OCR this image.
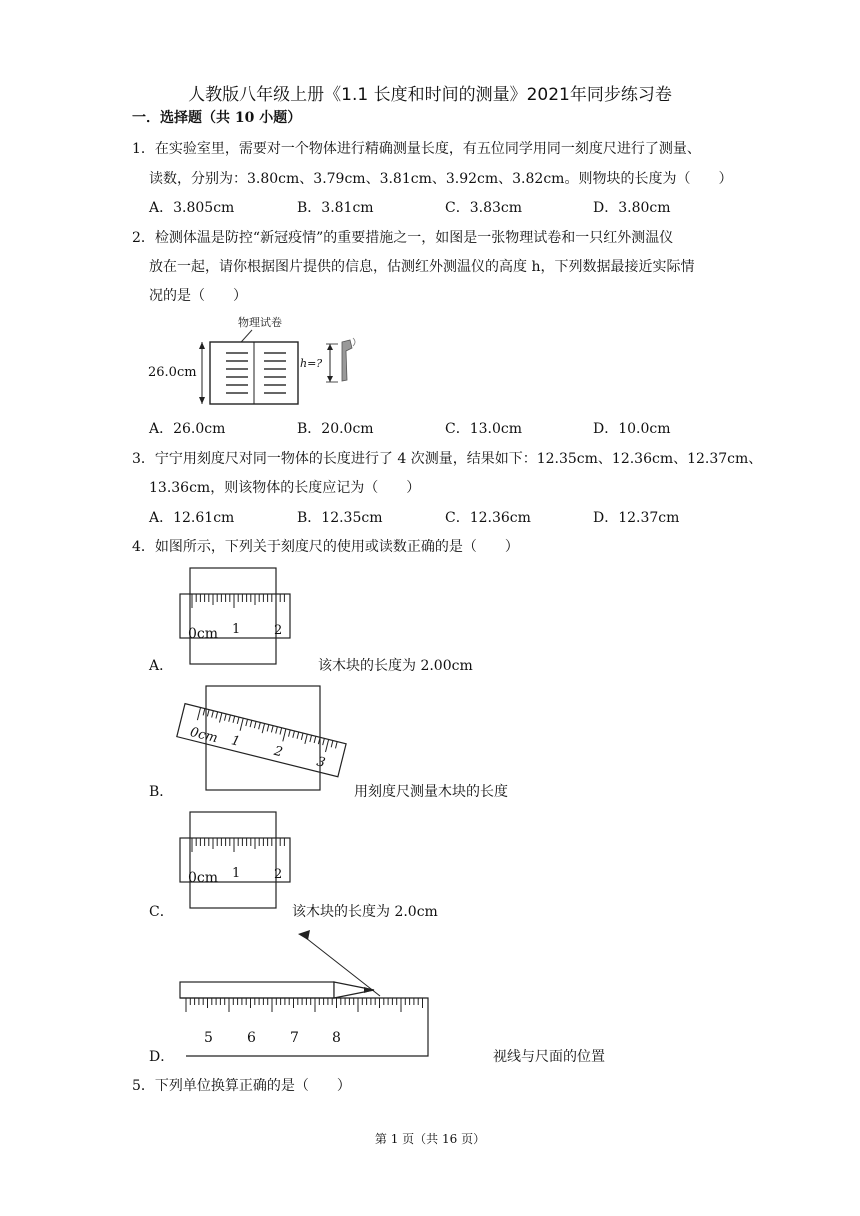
人教版八年级上册《1.1 长度和时间的测量》2021年同步练习卷
一．选择题（共 10 小题）
1．在实验室里，需要对一个物体进行精确测量长度，有五位同学用同一刻度尺进行了测量、
读数，分别为：3.80cm、3.79cm、3.81cm、3.92cm、3.82cm。则物块的长度为（　　）
A．3.805cm	B．3.81cm	C．3.83cm	D．3.80cm
2．检测体温是防控“新冠疫情”的重要措施之一，如图是一张物理试卷和一只红外测温仪
放在一起，请你根据图片提供的信息，估测红外测温仪的高度 h，下列数据最接近实际情
况的是（　　）
物理试卷
26.0cm
h=?
A．26.0cm	B．20.0cm	C．13.0cm	D．10.0cm
3．宁宁用刻度尺对同一物体的长度进行了 4 次测量，结果如下：12.35cm、12.36cm、12.37cm、
13.36cm，则该物体的长度应记为（　　）
A．12.61cm	B．12.35cm	C．12.36cm	D．12.37cm
4．如图所示，下列关于刻度尺的使用或读数正确的是（　　）
0cm 1	2
A．	该木块的长度为 2.00cm
0cm 1
2
3
B．	用刻度尺测量木块的长度
0cm 1	2
C．	该木块的长度为 2.0cm
5 6 7 8
D．	视线与尺面的位置
5．下列单位换算正确的是（　　）
第 1 页（共 16 页）
